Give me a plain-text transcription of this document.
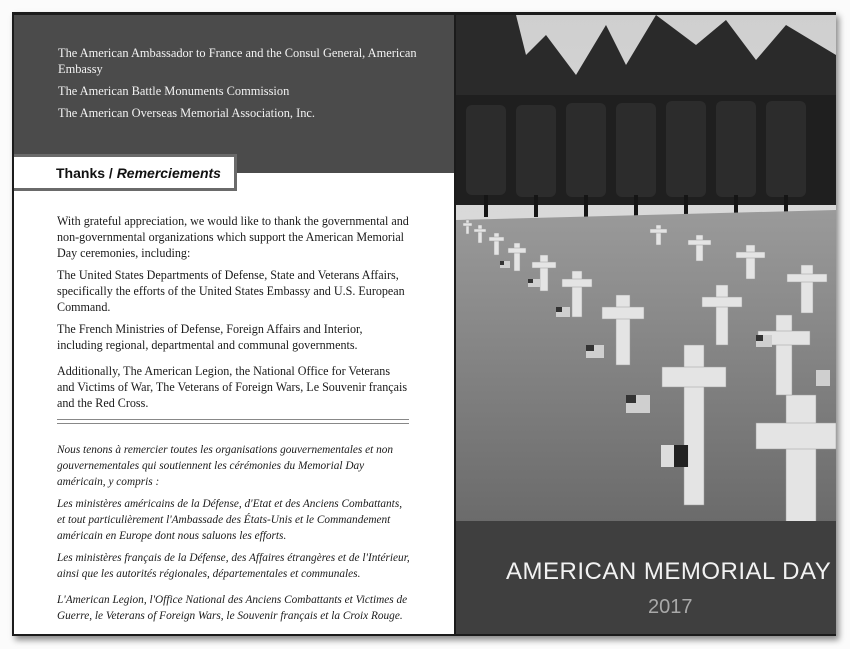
The American Ambassador to France and the Consul General, American Embassy

The American Battle Monuments Commission

The American Overseas Memorial Association, Inc.

Thanks / Remerciements

With grateful appreciation, we would like to thank the governmental and non-governmental organizations which support the American Memorial Day ceremonies, including:

The United States Departments of Defense, State and Veterans Affairs, specifically the efforts of the United States Embassy and U.S. European Command.

The French Ministries of Defense, Foreign Affairs and Interior, including regional, departmental and communal governments.

Additionally, The American Legion, the National Office for Veterans and Victims of War, The Veterans of Foreign Wars, Le Souvenir français and the Red Cross.

Nous tenons à remercier toutes les organisations gouvernementales et non gouvernementales qui soutiennent les cérémonies du Memorial Day américain, y compris :

Les ministères américains de la Défense, d'Etat et des Anciens Combattants, et tout particulièrement l'Ambassade des États-Unis et le Commandement américain en Europe dont nous saluons les efforts.

Les ministères français de la Défense, des Affaires étrangères et de l'Intérieur, ainsi que les autorités régionales, départementales et communales.

L'American Legion, l'Office National des Anciens Combattants et Victimes de Guerre, le Veterans of Foreign Wars, le Souvenir français et la Croix Rouge.

AMERICAN MEMORIAL DAY
2017
